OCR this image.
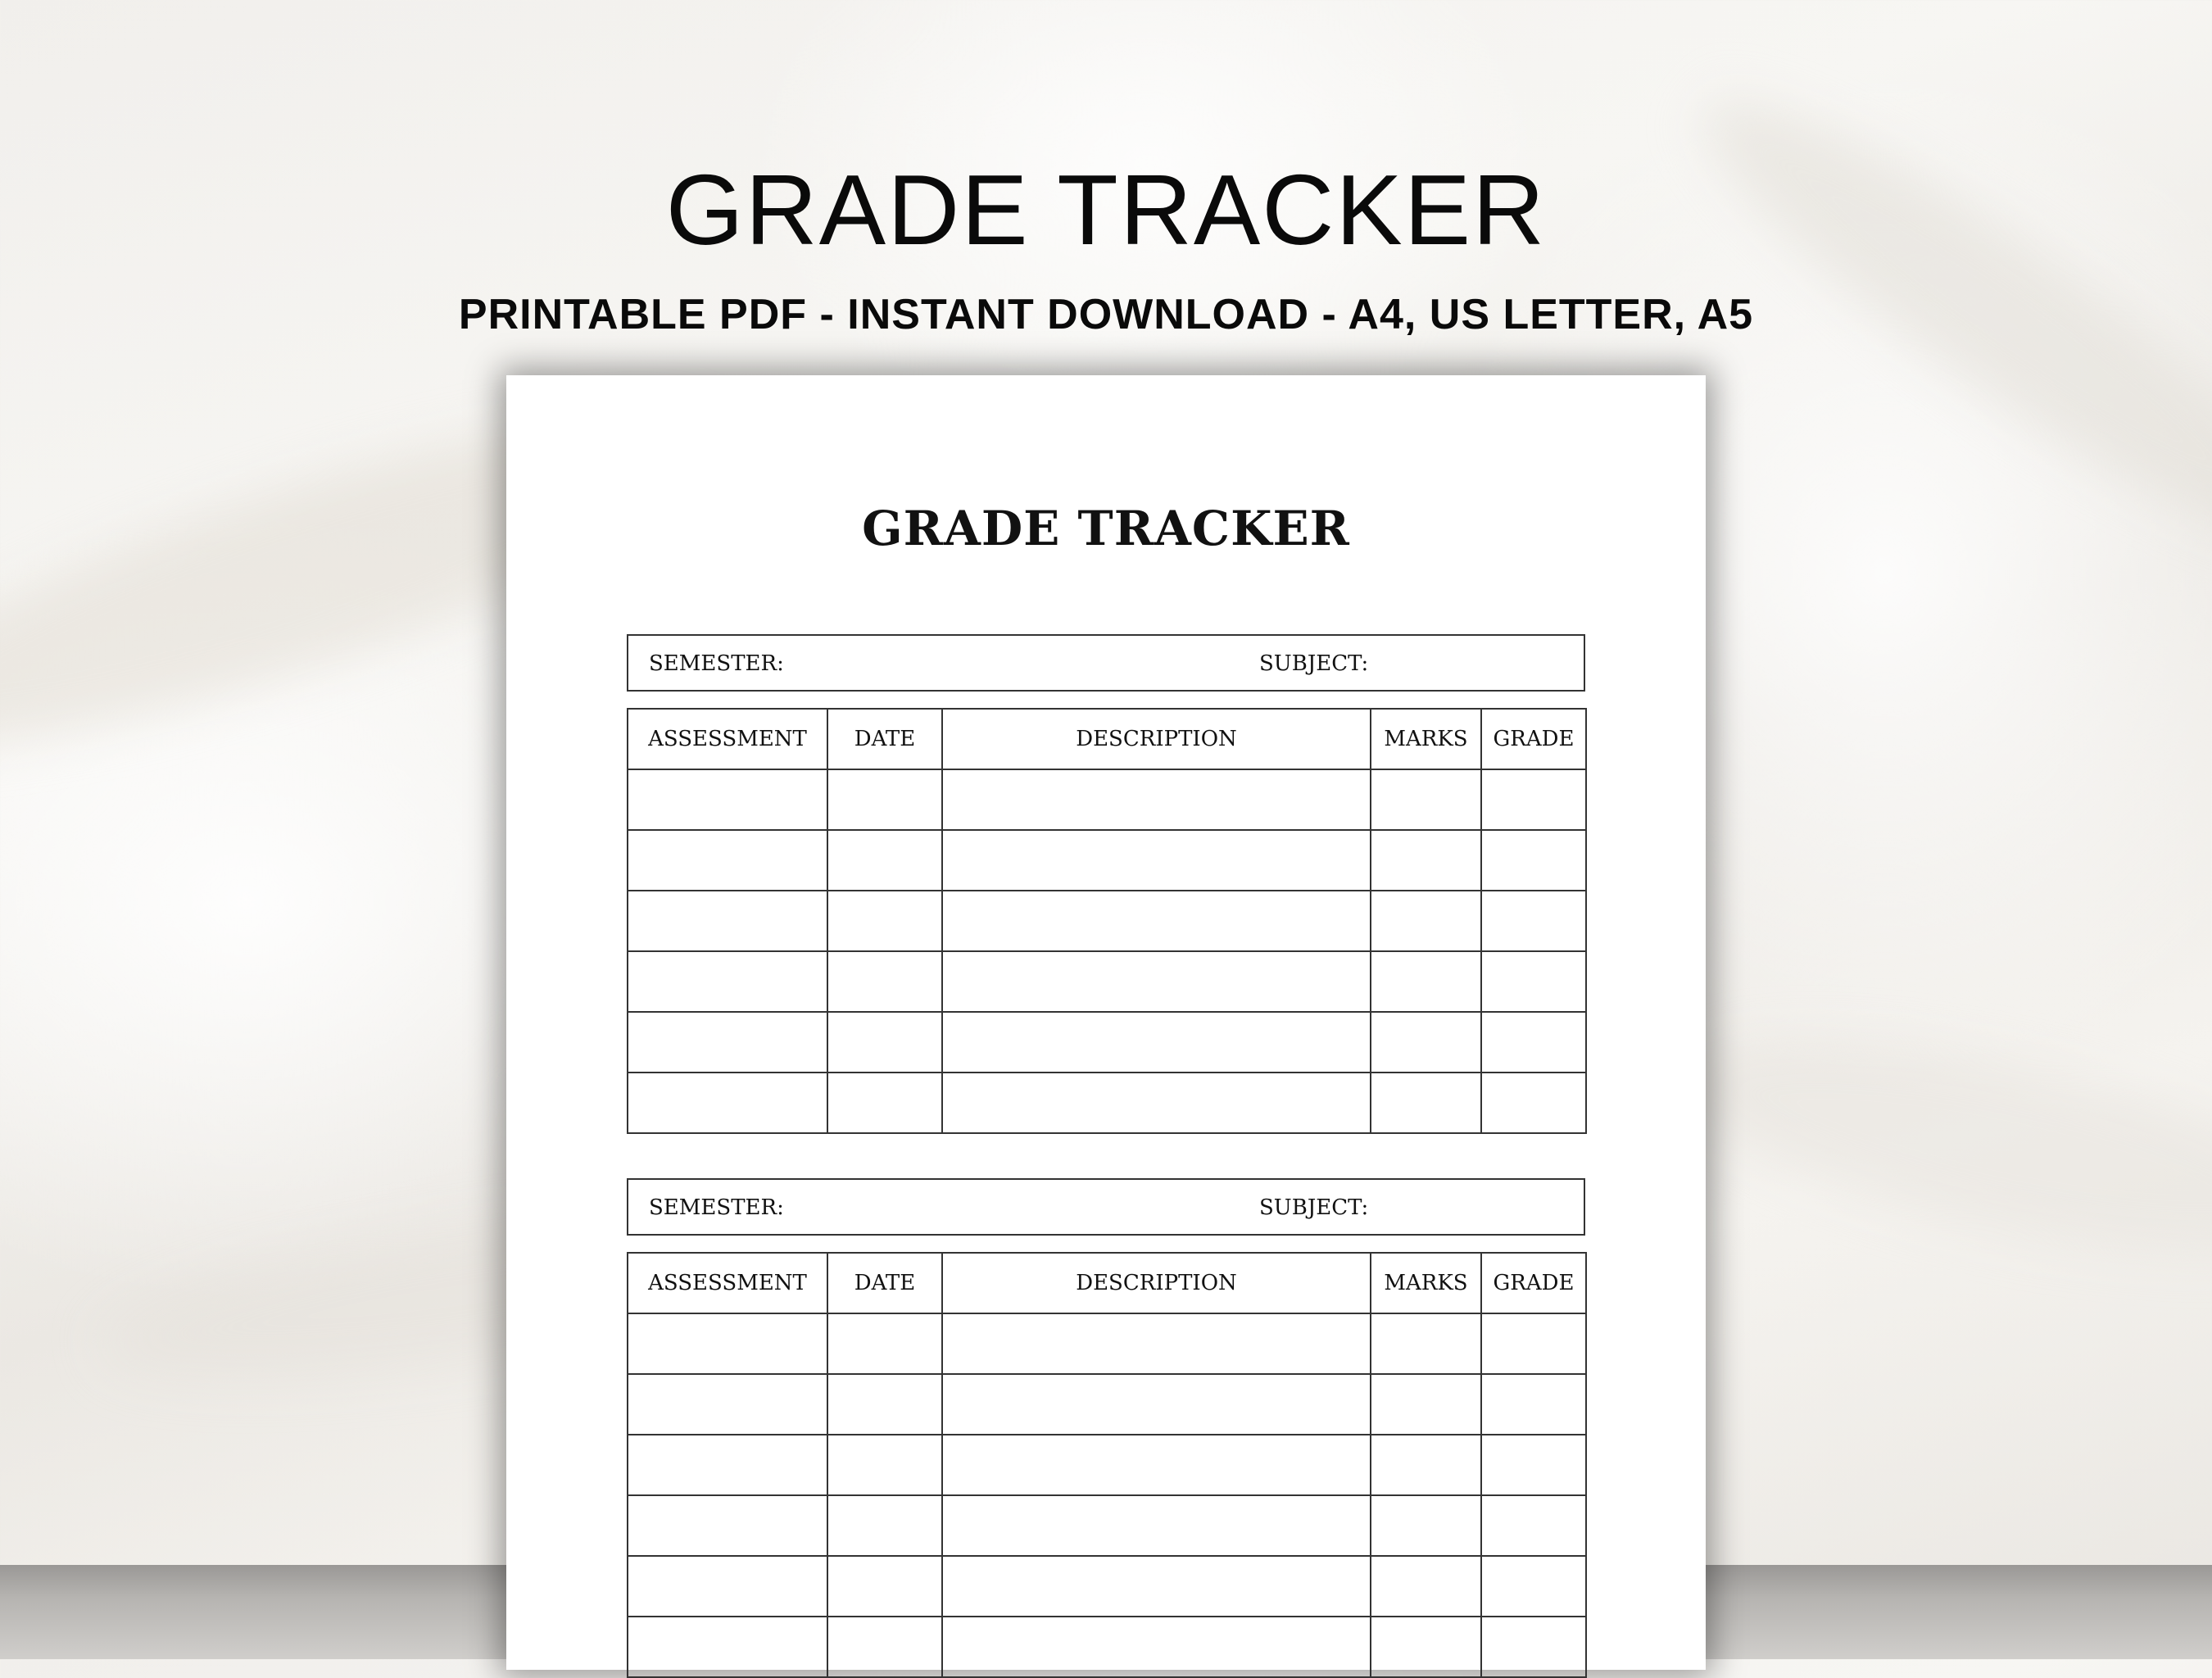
GRADE TRACKER
PRINTABLE PDF - INSTANT DOWNLOAD - A4, US LETTER, A5
GRADE TRACKER
SEMESTER:	SUBJECT:
ASSESSMENT	DATE	DESCRIPTION	MARKS	GRADE

SEMESTER:	SUBJECT:
ASSESSMENT	DATE	DESCRIPTION	MARKS	GRADE
